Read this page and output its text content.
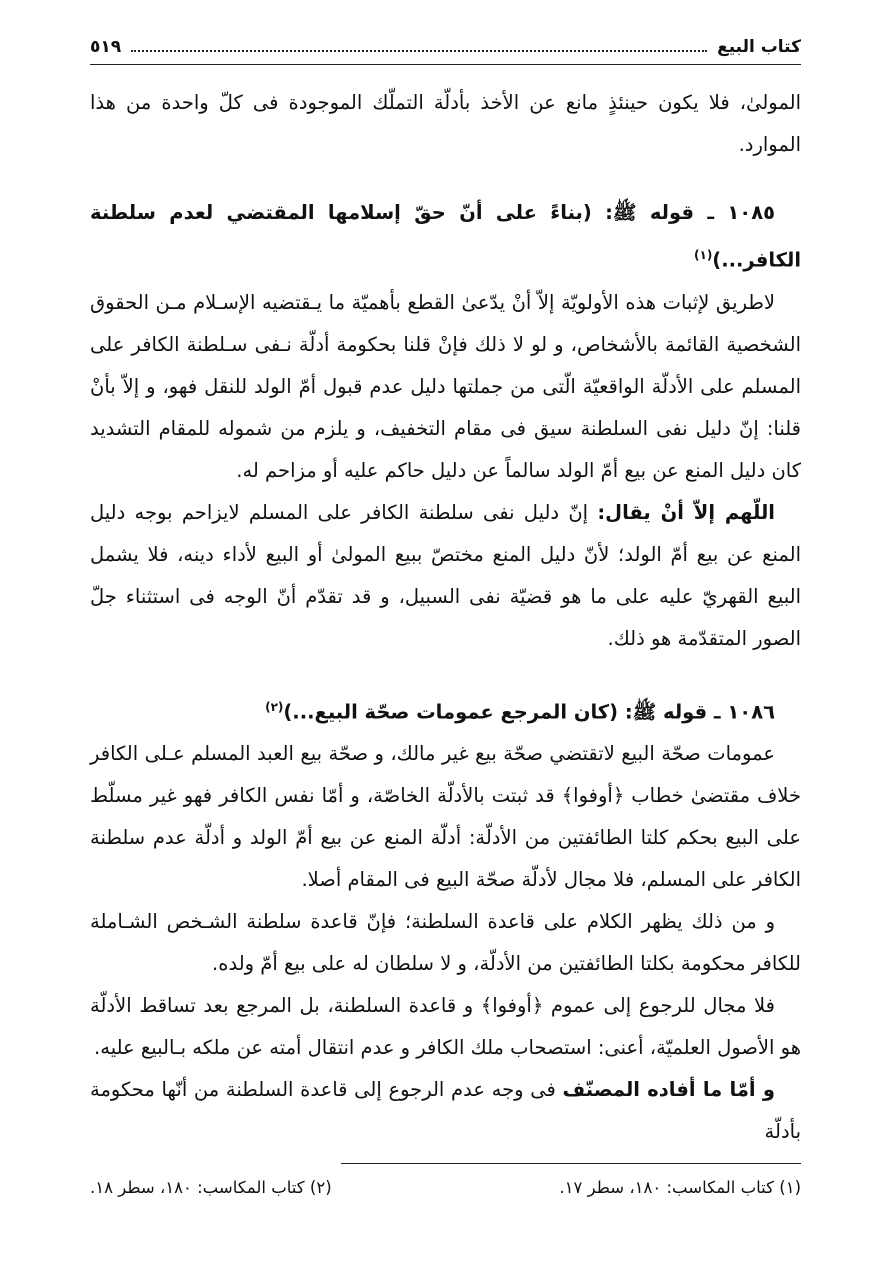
كتاب البيع
٥١٩

المولىٰ، فلا يكون حينئذٍ مانع عن الأخذ بأدلّة التملّك الموجودة فى كلّ واحدة من هذا الموارد.

١٠٨٥ ـ قوله ﷺ: (بناءً على أنّ حقّ إسلامها المقتضي لعدم سلطنة الكافر...)$^{(١)}$

لاطريق لإثبات هذه الأولويّة إلاّ أنْ يدّعىٰ القطع بأهميّة ما يـقتضيه الإسـلام مـن الحقوق الشخصية القائمة بالأشخاص، و لو لا ذلك فإنْ قلنا بحكومة أدلّة نـفى سـلطنة الكافر على المسلم على الأدلّة الواقعيّة الّتى من جملتها دليل عدم قبول أمّ الولد للنقل فهو، و إلاّ بأنْ قلنا: إنّ دليل نفى السلطنة سيق فى مقام التخفيف، و يلزم من شموله للمقام التشديد كان دليل المنع عن بيع أمّ الولد سالماً عن دليل حاكم عليه أو مزاحم له.

اللّهم إلاّ أنْ يقال: إنّ دليل نفى سلطنة الكافر على المسلم لايزاحم بوجه دليل المنع عن بيع أمّ الولد؛ لأنّ دليل المنع مختصّ ببيع المولىٰ أو البيع لأداء دينه، فلا يشمل البيع القهريّ عليه على ما هو قضيّة نفى السبيل، و قد تقدّم أنّ الوجه فى استثناء جلّ الصور المتقدّمة هو ذلك.

١٠٨٦ ـ قوله ﷺ: (كان المرجع عمومات صحّة البيع...)$^{(٢)}$

عمومات صحّة البيع لاتقتضي صحّة بيع غير مالك، و صحّة بيع العبد المسلم عـلى الكافر خلاف مقتضىٰ خطاب ﴿أوفوا﴾ قد ثبتت بالأدلّة الخاصّة، و أمّا نفس الكافر فهو غير مسلّط على البيع بحكم كلتا الطائفتين من الأدلّة: أدلّة المنع عن بيع أمّ الولد و أدلّة عدم سلطنة الكافر على المسلم، فلا مجال لأدلّة صحّة البيع فى المقام أصلا.

و من ذلك يظهر الكلام على قاعدة السلطنة؛ فإنّ قاعدة سلطنة الشـخص الشـاملة للكافر محكومة بكلتا الطائفتين من الأدلّة، و لا سلطان له على بيع أمّ ولده.

فلا مجال للرجوع إلى عموم ﴿أوفوا﴾ و قاعدة السلطنة، بل المرجع بعد تساقط الأدلّة هو الأصول العلميّة، أعنى: استصحاب ملك الكافر و عدم انتقال أمته عن ملكه بـالبيع عليه.

و أمّا ما أفاده المصنّف فى وجه عدم الرجوع إلى قاعدة السلطنة من أنّها محكومة بأدلّة

(١) كتاب المكاسب: ١٨٠، سطر ١٧.
(٢) كتاب المكاسب: ١٨٠، سطر ١٨.
